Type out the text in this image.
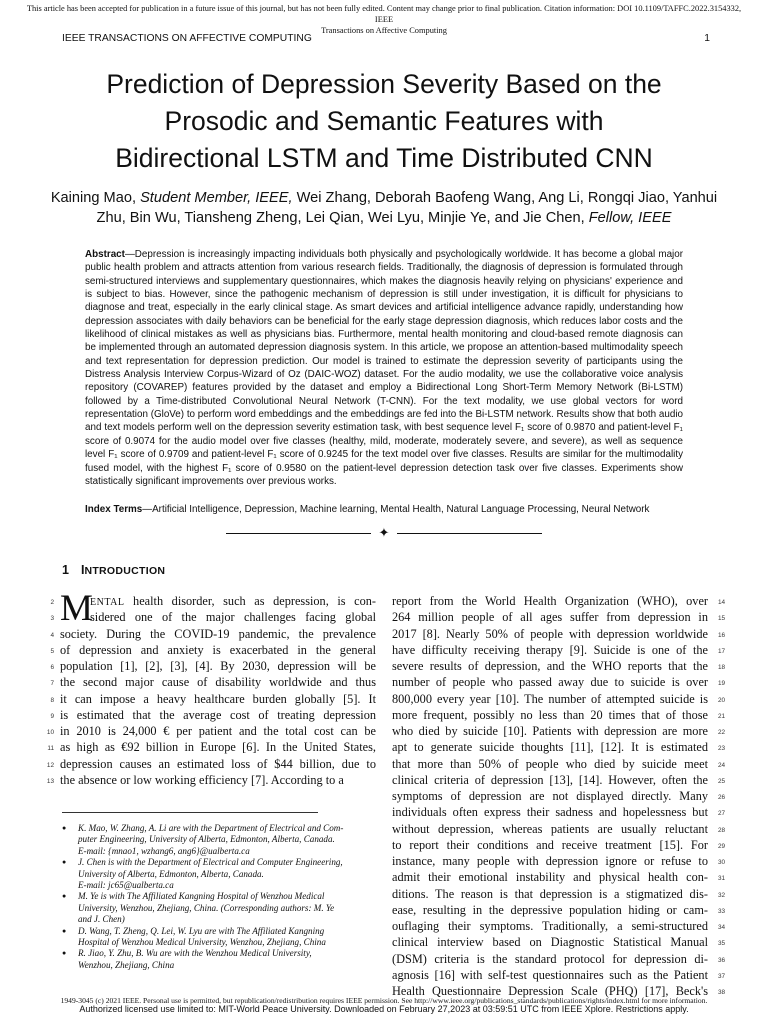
This article has been accepted for publication in a future issue of this journal, but has not been fully edited. Content may change prior to final publication. Citation information: DOI 10.1109/TAFFC.2022.3154332, IEEE
Transactions on Affective Computing
IEEE TRANSACTIONS ON AFFECTIVE COMPUTING	1
Prediction of Depression Severity Based on the
Prosodic and Semantic Features with
Bidirectional LSTM and Time Distributed CNN
Kaining Mao, Student Member, IEEE, Wei Zhang, Deborah Baofeng Wang, Ang Li, Rongqi Jiao, Yanhui
Zhu, Bin Wu, Tiansheng Zheng, Lei Qian, Wei Lyu, Minjie Ye, and Jie Chen, Fellow, IEEE
Abstract—Depression is increasingly impacting individuals both physically and psychologically worldwide. It has become a global major public health problem and attracts attention from various research fields. Traditionally, the diagnosis of depression is formulated through semi-structured interviews and supplementary questionnaires, which makes the diagnosis heavily relying on physicians' experience and is subject to bias. However, since the pathogenic mechanism of depression is still under investigation, it is difficult for physicians to diagnose and treat, especially in the early clinical stage. As smart devices and artificial intelligence advance rapidly, understanding how depression associates with daily behaviors can be beneficial for the early stage depression diagnosis, which reduces labor costs and the likelihood of clinical mistakes as well as physicians bias. Furthermore, mental health monitoring and cloud-based remote diagnosis can be implemented through an automated depression diagnosis system. In this article, we propose an attention-based multimodality speech and text representation for depression prediction. Our model is trained to estimate the depression severity of participants using the Distress Analysis Interview Corpus-Wizard of Oz (DAIC-WOZ) dataset. For the audio modality, we use the collaborative voice analysis repository (COVAREP) features provided by the dataset and employ a Bidirectional Long Short-Term Memory Network (Bi-LSTM) followed by a Time-distributed Convolutional Neural Network (T-CNN). For the text modality, we use global vectors for word representation (GloVe) to perform word embeddings and the embeddings are fed into the Bi-LSTM network. Results show that both audio and text models perform well on the depression severity estimation task, with best sequence level F₁ score of 0.9870 and patient-level F₁ score of 0.9074 for the audio model over five classes (healthy, mild, moderate, moderately severe, and severe), as well as sequence level F₁ score of 0.9709 and patient-level F₁ score of 0.9245 for the text model over five classes. Results are similar for the multimodality fused model, with the highest F₁ score of 0.9580 on the patient-level depression detection task over five classes. Experiments show statistically significant improvements over previous works.
Index Terms—Artificial Intelligence, Depression, Machine learning, Mental Health, Natural Language Processing, Neural Network
✦
1 INTRODUCTION
2
3
4
5
6
7
8
9
10
11
12
13
14
15
16
17
18
19
20
21
22
23
24
25
26
27
28
29
30
31
32
33
34
35
36
37
38
M
ENTAL health disorder, such as depression, is con-
sidered one of the major challenges facing global
society. During the COVID-19 pandemic, the prevalence
of depression and anxiety is exacerbated in the general
population [1], [2], [3], [4]. By 2030, depression will be
the second major cause of disability worldwide and thus
it can impose a heavy healthcare burden globally [5]. It
is estimated that the average cost of treating depression
in 2010 is 24,000 € per patient and the total cost can be
as high as €92 billion in Europe [6]. In the United States,
depression causes an estimated loss of $44 billion, due to
the absence or low working efficiency [7]. According to a
report from the World Health Organization (WHO), over
264 million people of all ages suffer from depression in
2017 [8]. Nearly 50% of people with depression worldwide
have difficulty receiving therapy [9]. Suicide is one of the
severe results of depression, and the WHO reports that the
number of people who passed away due to suicide is over
800,000 every year [10]. The number of attempted suicide is
more frequent, possibly no less than 20 times that of those
who died by suicide [10]. Patients with depression are more
apt to generate suicide thoughts [11], [12]. It is estimated
that more than 50% of people who died by suicide meet
clinical criteria of depression [13], [14]. However, often the
symptoms of depression are not displayed directly. Many
individuals often express their sadness and hopelessness but
without depression, whereas patients are usually reluctant
to report their conditions and receive treatment [15]. For
instance, many people with depression ignore or refuse to
admit their emotional instability and physical health con-
ditions. The reason is that depression is a stigmatized dis-
ease, resulting in the depressive population hiding or cam-
ouflaging their symptoms. Traditionally, a semi-structured
clinical interview based on Diagnostic Statistical Manual
(DSM) criteria is the standard protocol for depression di-
agnosis [16] with self-test questionnaires such as the Patient
Health Questionnaire Depression Scale (PHQ) [17], Beck's
●	K. Mao, W. Zhang, A. Li are with the Department of Electrical and Com-
puter Engineering, University of Alberta, Edmonton, Alberta, Canada.
E-mail: {mnao1, wzhang6, ang6}@ualberta.ca
●	J. Chen is with the Department of Electrical and Computer Engineering,
University of Alberta, Edmonton, Alberta, Canada.
E-mail: jc65@ualberta.ca
●	M. Ye is with The Affiliated Kangning Hospital of Wenzhou Medical
University, Wenzhou, Zhejiang, China. (Corresponding authors: M. Ye
and J. Chen)
●	D. Wang, T. Zheng, Q. Lei, W. Lyu are with The Affiliated Kangning
Hospital of Wenzhou Medical University, Wenzhou, Zhejiang, China
●	R. Jiao, Y. Zhu, B. Wu are with the Wenzhou Medical University,
Wenzhou, Zhejiang, China
1949-3045 (c) 2021 IEEE. Personal use is permitted, but republication/redistribution requires IEEE permission. See http://www.ieee.org/publications_standards/publications/rights/index.html for more information.
Authorized licensed use limited to: MIT-World Peace University. Downloaded on February 27,2023 at 03:59:51 UTC from IEEE Xplore. Restrictions apply.
